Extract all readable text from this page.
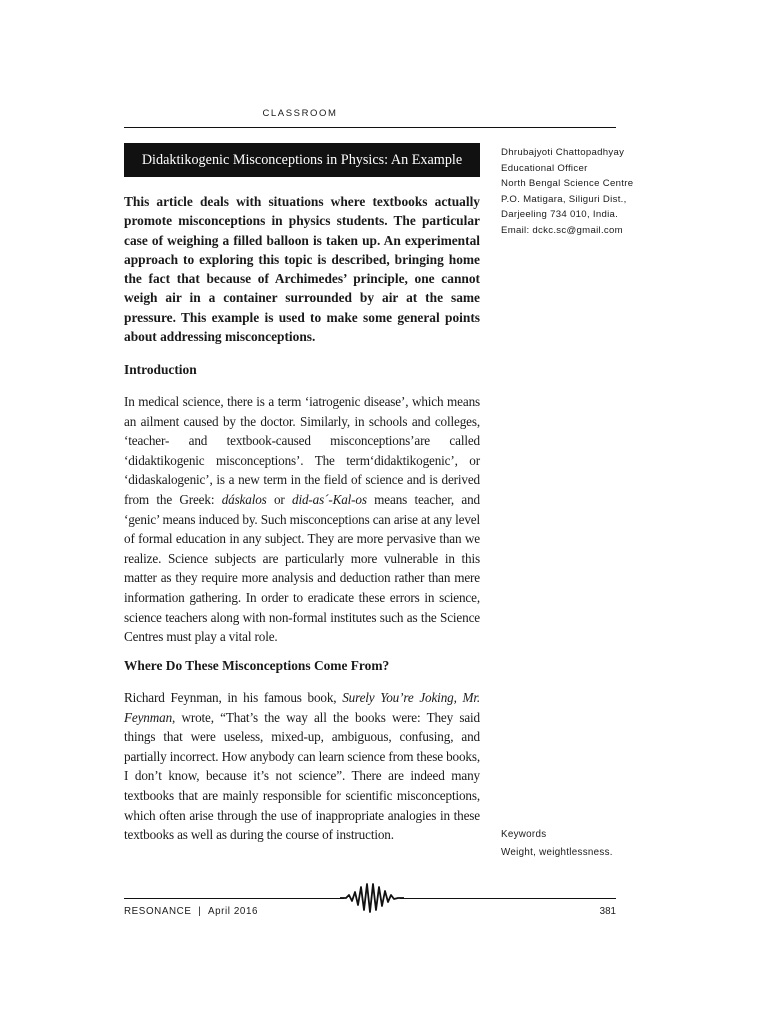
CLASSROOM
Didaktikogenic Misconceptions in Physics: An Example
This article deals with situations where textbooks actually promote misconceptions in physics students. The particular case of weighing a filled balloon is taken up. An experimental approach to exploring this topic is described, bringing home the fact that because of Archimedes’ principle, one cannot weigh air in a container surrounded by air at the same pressure. This example is used to make some general points about addressing misconceptions.
Introduction
In medical science, there is a term ‘iatrogenic disease’, which means an ailment caused by the doctor. Similarly, in schools and colleges, ‘teacher- and textbook-caused misconceptions’are called ‘didaktikogenic misconceptions’. The term‘didaktikogenic’, or ‘didaskalogenic’, is a new term in the field of science and is derived from the Greek: dáskalos or did-as´-Kal-os means teacher, and ‘genic’ means induced by. Such misconceptions can arise at any level of formal education in any subject. They are more pervasive than we realize. Science subjects are particularly more vulnerable in this matter as they require more analysis and deduction rather than mere information gathering. In order to eradicate these errors in science, science teachers along with non-formal institutes such as the Science Centres must play a vital role.
Where Do These Misconceptions Come From?
Richard Feynman, in his famous book, Surely You’re Joking, Mr. Feynman, wrote, “That’s the way all the books were: They said things that were useless, mixed-up, ambiguous, confusing, and partially incorrect. How anybody can learn science from these books, I don’t know, because it’s not science”. There are indeed many textbooks that are mainly responsible for scientific misconceptions, which often arise through the use of inappropriate analogies in these textbooks as well as during the course of instruction.
Dhrubajyoti Chattopadhyay
Educational Officer
North Bengal Science Centre
P.O. Matigara, Siliguri Dist.,
Darjeeling 734 010, India.
Email: dckc.sc@gmail.com
Keywords
Weight, weightlessness.
RESONANCE | April 2016	381
